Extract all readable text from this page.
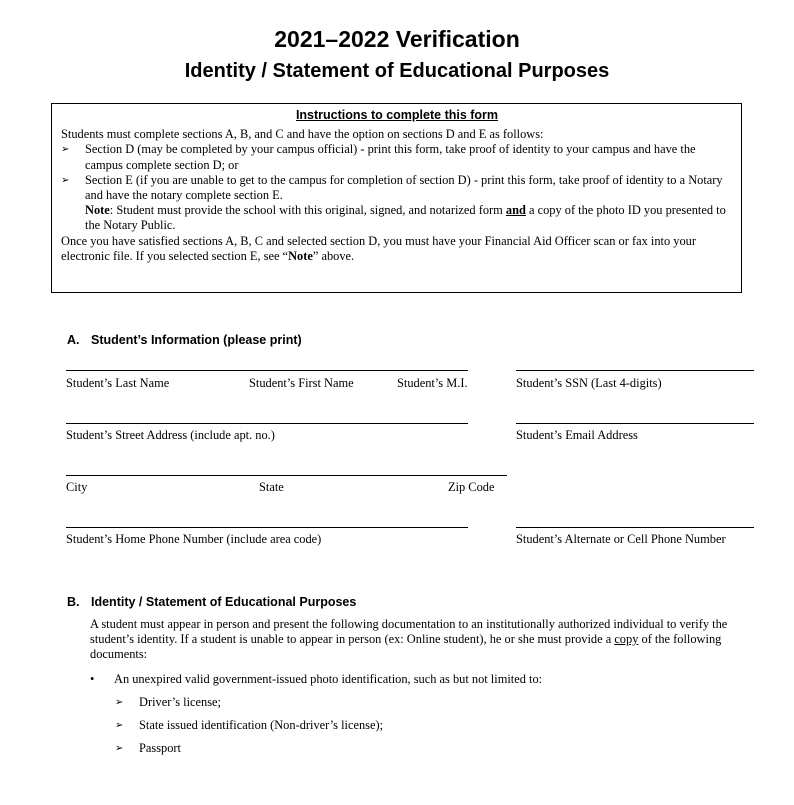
2021–2022 Verification
Identity / Statement of Educational Purposes
Instructions to complete this form
Students must complete sections A, B, and C and have the option on sections D and E as follows:
➢	Section D (may be completed by your campus official) - print this form, take proof of identity to your campus and have the campus complete section D; or
➢	Section E (if you are unable to get to the campus for completion of section D) - print this form, take proof of identity to a Notary and have the notary complete section E.
Note: Student must provide the school with this original, signed, and notarized form and a copy of the photo ID you presented to the Notary Public.
Once you have satisfied sections A, B, C and selected section D, you must have your Financial Aid Officer scan or fax into your electronic file. If you selected section E, see “Note” above.
A. Student’s Information (please print)
Student’s Last Name	Student’s First Name	Student’s M.I.	Student’s SSN (Last 4-digits)
Student’s Street Address (include apt. no.)	Student’s Email Address
City	State	Zip Code
Student’s Home Phone Number (include area code)	Student’s Alternate or Cell Phone Number
B. Identity / Statement of Educational Purposes
A student must appear in person and present the following documentation to an institutionally authorized individual to verify the student’s identity. If a student is unable to appear in person (ex: Online student), he or she must provide a copy of the following documents:
•	An unexpired valid government-issued photo identification, such as but not limited to:
➢	Driver’s license;
➢	State issued identification (Non-driver’s license);
➢	Passport
